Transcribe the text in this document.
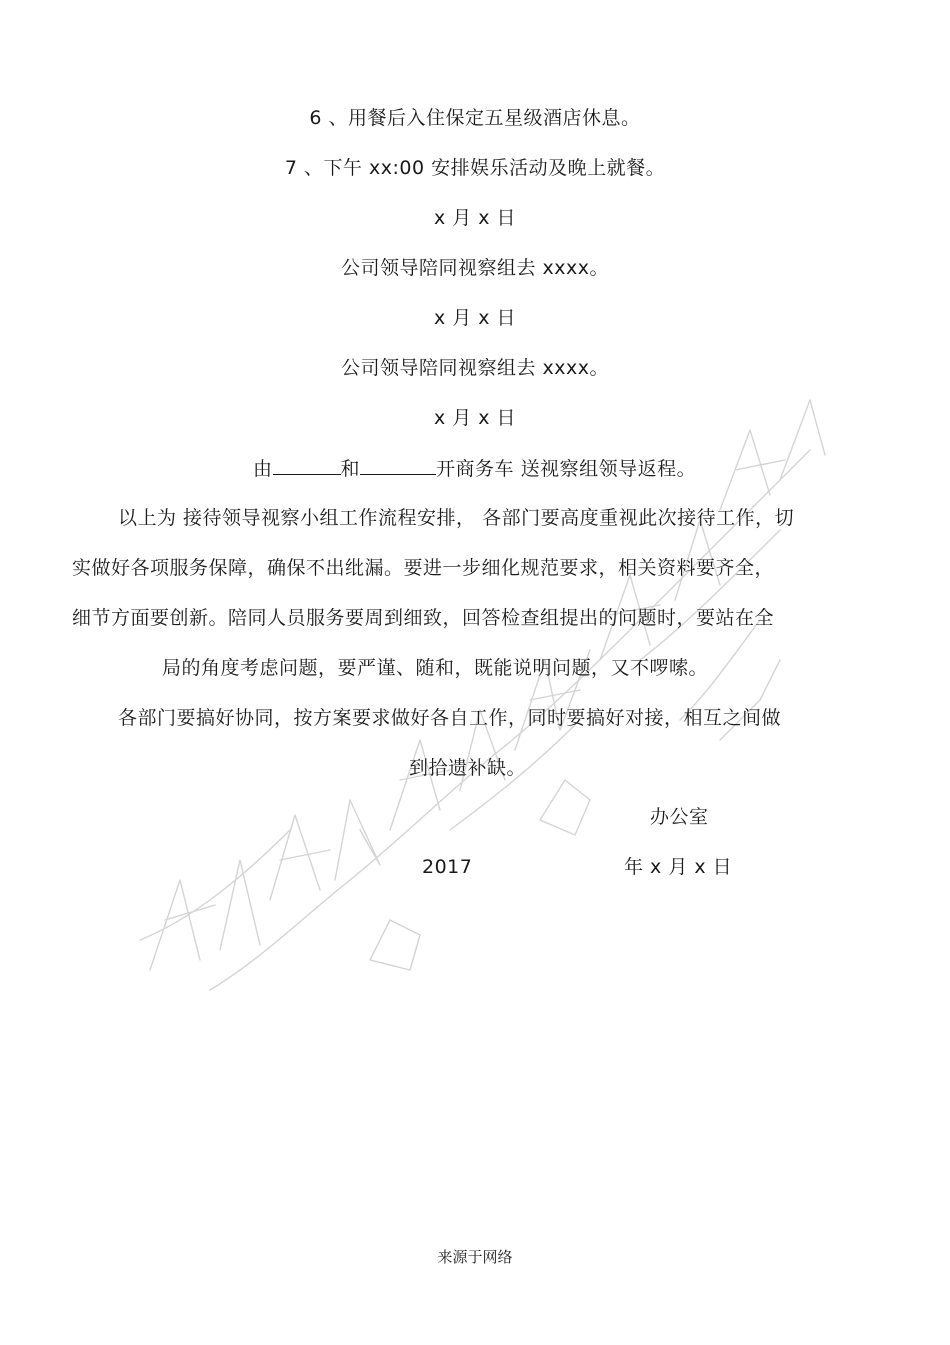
6 、用餐后入住保定五星级酒店休息。
7 、下午 xx:00 安排娱乐活动及晚上就餐。
x 月 x 日
公司领导陪同视察组去 xxxx。
x 月 x 日
公司领导陪同视察组去 xxxx。
x 月 x 日
由	和	开商务车 送视察组领导返程。
以上为 接待领导视察小组工作流程安排， 各部门要高度重视此次接待工作，切
实做好各项服务保障，确保不出纰漏。要进一步细化规范要求，相关资料要齐全，
细节方面要创新。陪同人员服务要周到细致，回答检查组提出的问题时，要站在全
局的角度考虑问题，要严谨、随和，既能说明问题，又不啰嗦。
各部门要搞好协同，按方案要求做好各自工作，同时要搞好对接，相互之间做
到拾遗补缺。
办公室
2017	年 x 月 x 日
来源于网络
